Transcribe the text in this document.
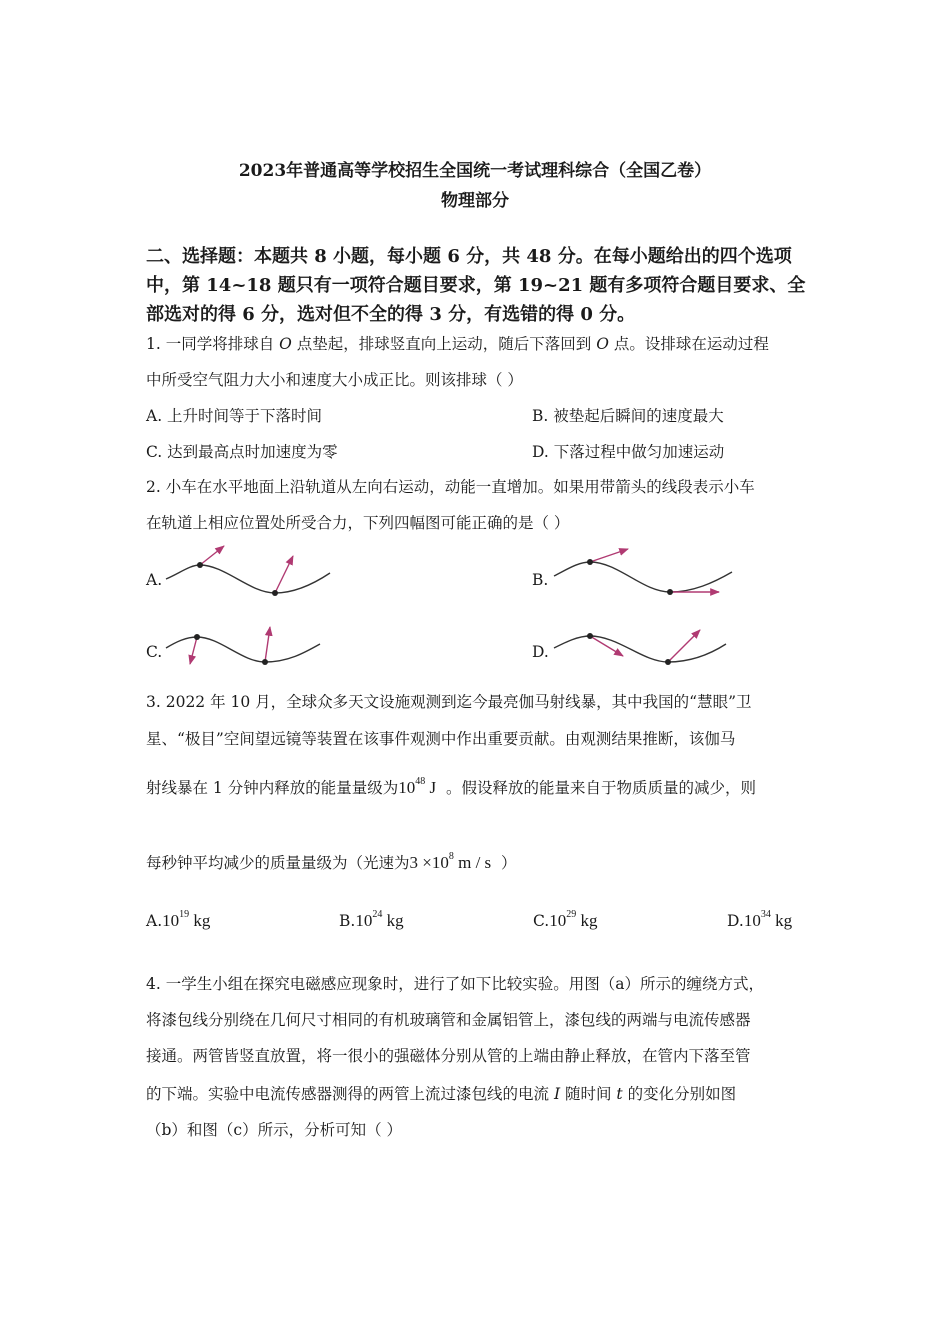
2023年普通高等学校招生全国统一考试理科综合（全国乙卷）
物理部分
二、选择题：本题共 8 小题，每小题 6 分，共 48 分。在每小题给出的四个选项
中，第 14~18 题只有一项符合题目要求，第 19~21 题有多项符合题目要求、全
部选对的得 6 分，选对但不全的得 3 分，有选错的得 0 分。
1. 一同学将排球自 O 点垫起，排球竖直向上运动，随后下落回到 O 点。设排球在运动过程
中所受空气阻力大小和速度大小成正比。则该排球（ ）
A. 上升时间等于下落时间	B. 被垫起后瞬间的速度最大
C. 达到最高点时加速度为零	D. 下落过程中做匀加速运动
2. 小车在水平地面上沿轨道从左向右运动，动能一直增加。如果用带箭头的线段表示小车
在轨道上相应位置处所受合力，下列四幅图可能正确的是（ ）
A.	B.
C.	D.
3. 2022 年 10 月，全球众多天文设施观测到迄今最亮伽马射线暴，其中我国的“慧眼”卫
星、“极目”空间望远镜等装置在该事件观测中作出重要贡献。由观测结果推断，该伽马
射线暴在 1 分钟内释放的能量量级为$10^{48}$ J 。假设释放的能量来自于物质质量的减少，则
每秒钟平均减少的质量量级为（光速为$3 \times 10^8$ m / s ）
$A.10^{19}$ kg	$B.10^{24}$ kg	$C.10^{29}$ kg	$D.10^{34}$ kg
4. 一学生小组在探究电磁感应现象时，进行了如下比较实验。用图（a）所示的缠绕方式，
将漆包线分别绕在几何尺寸相同的有机玻璃管和金属铝管上，漆包线的两端与电流传感器
接通。两管皆竖直放置，将一很小的强磁体分别从管的上端由静止释放，在管内下落至管
的下端。实验中电流传感器测得的两管上流过漆包线的电流 I 随时间 t 的变化分别如图
（b）和图（c）所示，分析可知（ ）
